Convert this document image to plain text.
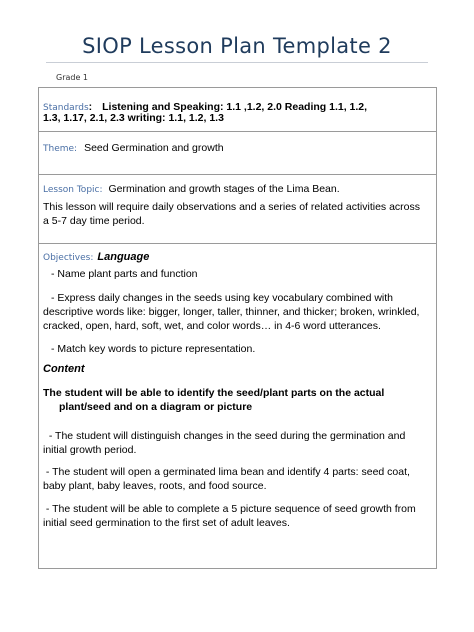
SIOP Lesson Plan Template 2
Grade 1
Standards: Listening and Speaking: 1.1 ,1.2, 2.0 Reading 1.1, 1.2,
1.3, 1.17, 2.1, 2.3 writing: 1.1, 1.2, 1.3
Theme: Seed Germination and growth
Lesson Topic: Germination and growth stages of the Lima Bean.
This lesson will require daily observations and a series of related activities across
a 5-7 day time period.
Objectives: Language
- Name plant parts and function
- Express daily changes in the seeds using key vocabulary combined with
descriptive words like: bigger, longer, taller, thinner, and thicker; broken, wrinkled,
cracked, open, hard, soft, wet, and color words… in 4-6 word utterances.
- Match key words to picture representation.
Content
The student will be able to identify the seed/plant parts on the actual
plant/seed and on a diagram or picture
- The student will distinguish changes in the seed during the germination and
initial growth period.
- The student will open a germinated lima bean and identify 4 parts: seed coat,
baby plant, baby leaves, roots, and food source.
- The student will be able to complete a 5 picture sequence of seed growth from
initial seed germination to the first set of adult leaves.
